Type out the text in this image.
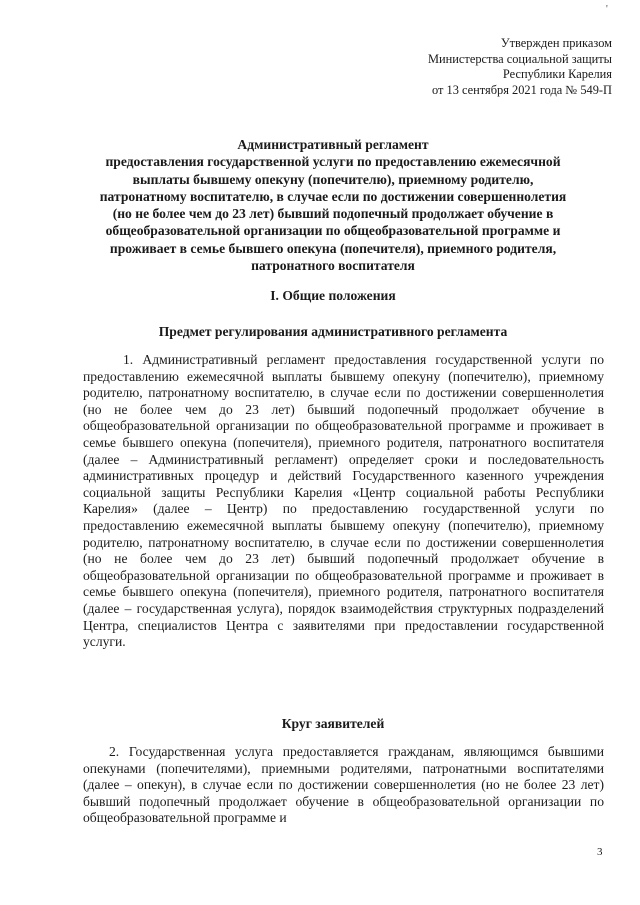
'
Утвержден приказом
Министерства социальной защиты
Республики Карелия
от 13 сентября 2021 года № 549-П
Административный регламент
предоставления государственной услуги по предоставлению ежемесячной
выплаты бывшему опекуну (попечителю), приемному родителю,
патронатному воспитателю, в случае если по достижении совершеннолетия
(но не более чем до 23 лет) бывший подопечный продолжает обучение в
общеобразовательной организации по общеобразовательной программе и
проживает в семье бывшего опекуна (попечителя), приемного родителя,
патронатного воспитателя
I. Общие положения
Предмет регулирования административного регламента

1. Административный регламент предоставления государственной услуги по предоставлению ежемесячной выплаты бывшему опекуну (попечителю), приемному родителю, патронатному воспитателю, в случае если по достижении совершеннолетия (но не более чем до 23 лет) бывший подопечный продолжает обучение в общеобразовательной организации по общеобразовательной программе и проживает в семье бывшего опекуна (попечителя), приемного родителя, патронатного воспитателя (далее – Административный регламент) определяет сроки и последовательность административных процедур и действий Государственного казенного учреждения социальной защиты Республики Карелия «Центр социальной работы Республики Карелия» (далее – Центр) по предоставлению государственной услуги по предоставлению ежемесячной выплаты бывшему опекуну (попечителю), приемному родителю, патронатному воспитателю, в случае если по достижении совершеннолетия (но не более чем до 23 лет) бывший подопечный продолжает обучение в общеобразовательной организации по общеобразовательной программе и проживает в семье бывшего опекуна (попечителя), приемного родителя, патронатного воспитателя (далее – государственная услуга), порядок взаимодействия структурных подразделений Центра, специалистов Центра с заявителями при предоставлении государственной услуги.

Круг заявителей

2. Государственная услуга предоставляется гражданам, являющимся бывшими опекунами (попечителями), приемными родителями, патронатными воспитателями (далее – опекун), в случае если по достижении совершеннолетия (но не более 23 лет) бывший подопечный продолжает обучение в общеобразовательной организации по общеобразовательной программе и

3
